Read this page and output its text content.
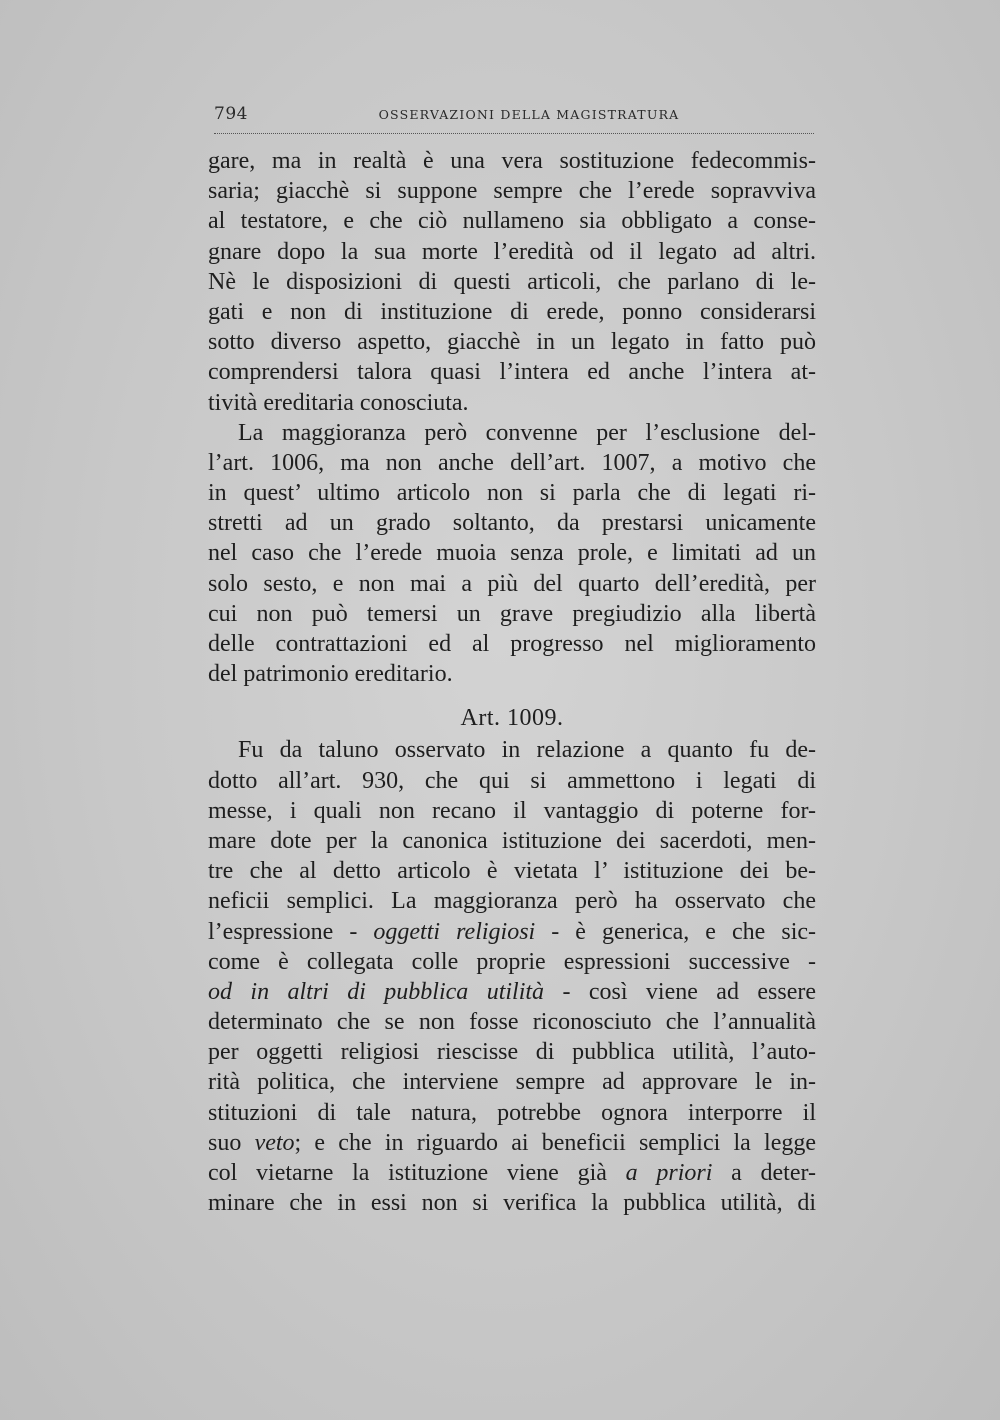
794	OSSERVAZIONI DELLA MAGISTRATURA

gare, ma in realtà è una vera sostituzione fedecommis-
saria; giacchè si suppone sempre che l’erede sopravviva
al testatore, e che ciò nullameno sia obbligato a conse-
gnare dopo la sua morte l’eredità od il legato ad altri.
Nè le disposizioni di questi articoli, che parlano di le-
gati e non di instituzione di erede, ponno considerarsi
sotto diverso aspetto, giacchè in un legato in fatto può
comprendersi talora quasi l’intera ed anche l’intera at-
tività ereditaria conosciuta.

La maggioranza però convenne per l’esclusione del-
l’art. 1006, ma non anche dell’art. 1007, a motivo che
in quest’ ultimo articolo non si parla che di legati ri-
stretti ad un grado soltanto, da prestarsi unicamente
nel caso che l’erede muoia senza prole, e limitati ad un
solo sesto, e non mai a più del quarto dell’eredità, per
cui non può temersi un grave pregiudizio alla libertà
delle contrattazioni ed al progresso nel miglioramento
del patrimonio ereditario.

Art. 1009.

Fu da taluno osservato in relazione a quanto fu de-
dotto all’art. 930, che qui si ammettono i legati di
messe, i quali non recano il vantaggio di poterne for-
mare dote per la canonica istituzione dei sacerdoti, men-
tre che al detto articolo è vietata l’ istituzione dei be-
neficii semplici. La maggioranza però ha osservato che
l’espressione - oggetti religiosi - è generica, e che sic-
come è collegata colle proprie espressioni successive -
od in altri di pubblica utilità - così viene ad essere
determinato che se non fosse riconosciuto che l’annualità
per oggetti religiosi riescisse di pubblica utilità, l’auto-
rità politica, che interviene sempre ad approvare le in-
stituzioni di tale natura, potrebbe ognora interporre il
suo veto; e che in riguardo ai beneficii semplici la legge
col vietarne la istituzione viene già a priori a deter-
minare che in essi non si verifica la pubblica utilità, di
